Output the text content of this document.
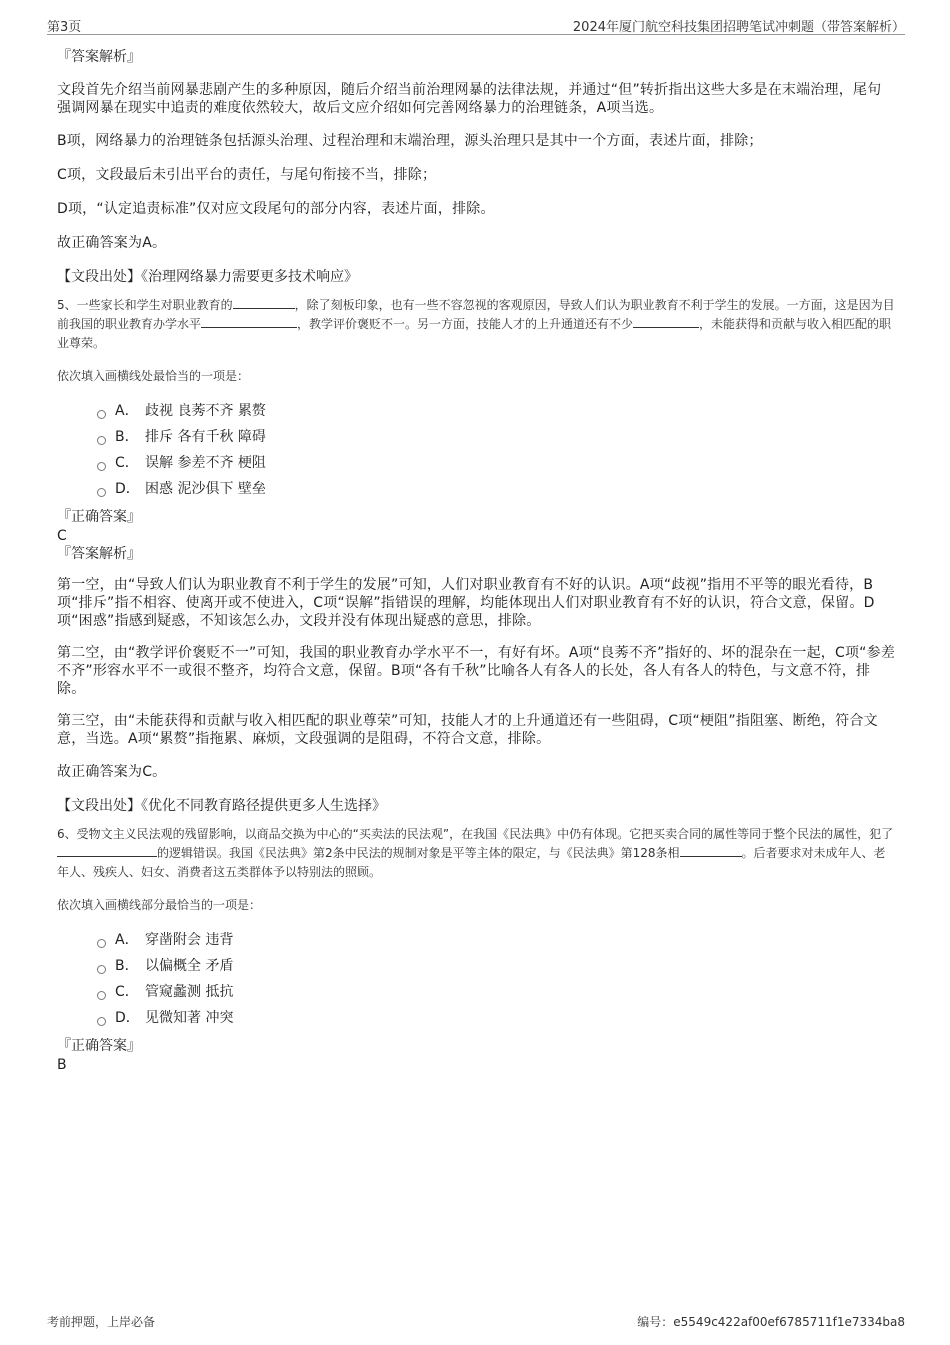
第3页	2024年厦门航空科技集团招聘笔试冲刺题（带答案解析）

『答案解析』

文段首先介绍当前网暴悲剧产生的多种原因，随后介绍当前治理网暴的法律法规，并通过“但”转折指出这些大多是在末端治理，尾句强调网暴在现实中追责的难度依然较大，故后文应介绍如何完善网络暴力的治理链条，A项当选。

B项，网络暴力的治理链条包括源头治理、过程治理和末端治理，源头治理只是其中一个方面，表述片面，排除；

C项，文段最后未引出平台的责任，与尾句衔接不当，排除；

D项，“认定追责标准”仅对应文段尾句的部分内容，表述片面，排除。

故正确答案为A。

【文段出处】《治理网络暴力需要更多技术响应》

5、一些家长和学生对职业教育的	，除了刻板印象，也有一些不容忽视的客观原因，导致人们认为职业教育不利于学生的发展。一方面，这是因为目前我国的职业教育办学水平	，教学评价褒贬不一。另一方面，技能人才的上升通道还有不少	，未能获得和贡献与收入相匹配的职业尊荣。

依次填入画横线处最恰当的一项是：

A． 歧视 良莠不齐 累赘
B． 排斥 各有千秋 障碍
C． 误解 参差不齐 梗阻
D． 困惑 泥沙俱下 壁垒

『正确答案』

C

『答案解析』

第一空，由“导致人们认为职业教育不利于学生的发展”可知，人们对职业教育有不好的认识。A项“歧视”指用不平等的眼光看待，B项“排斥”指不相容、使离开或不使进入，C项“误解”指错误的理解，均能体现出人们对职业教育有不好的认识，符合文意，保留。D项“困惑”指感到疑惑，不知该怎么办，文段并没有体现出疑惑的意思，排除。

第二空，由“教学评价褒贬不一”可知，我国的职业教育办学水平不一，有好有坏。A项“良莠不齐”指好的、坏的混杂在一起，C项“参差不齐”形容水平不一或很不整齐，均符合文意，保留。B项“各有千秋”比喻各人有各人的长处，各人有各人的特色，与文意不符，排除。

第三空，由“未能获得和贡献与收入相匹配的职业尊荣”可知，技能人才的上升通道还有一些阻碍，C项“梗阻”指阻塞、断绝，符合文意，当选。A项“累赘”指拖累、麻烦，文段强调的是阻碍，不符合文意，排除。

故正确答案为C。

【文段出处】《优化不同教育路径提供更多人生选择》

6、受物文主义民法观的残留影响，以商品交换为中心的“买卖法的民法观”，在我国《民法典》中仍有体现。它把买卖合同的属性等同于整个民法的属性，犯了的逻辑错误。我国《民法典》第2条中民法的规制对象是平等主体的限定，与《民法典》第128条相	。后者要求对未成年人、老年人、残疾人、妇女、消费者这五类群体予以特别法的照顾。

依次填入画横线部分最恰当的一项是：

A． 穿凿附会 违背
B． 以偏概全 矛盾
C． 管窥蠡测 抵抗
D． 见微知著 冲突

『正确答案』

B

考前押题，上岸必备	编号：e5549c422af00ef6785711f1e7334ba8
